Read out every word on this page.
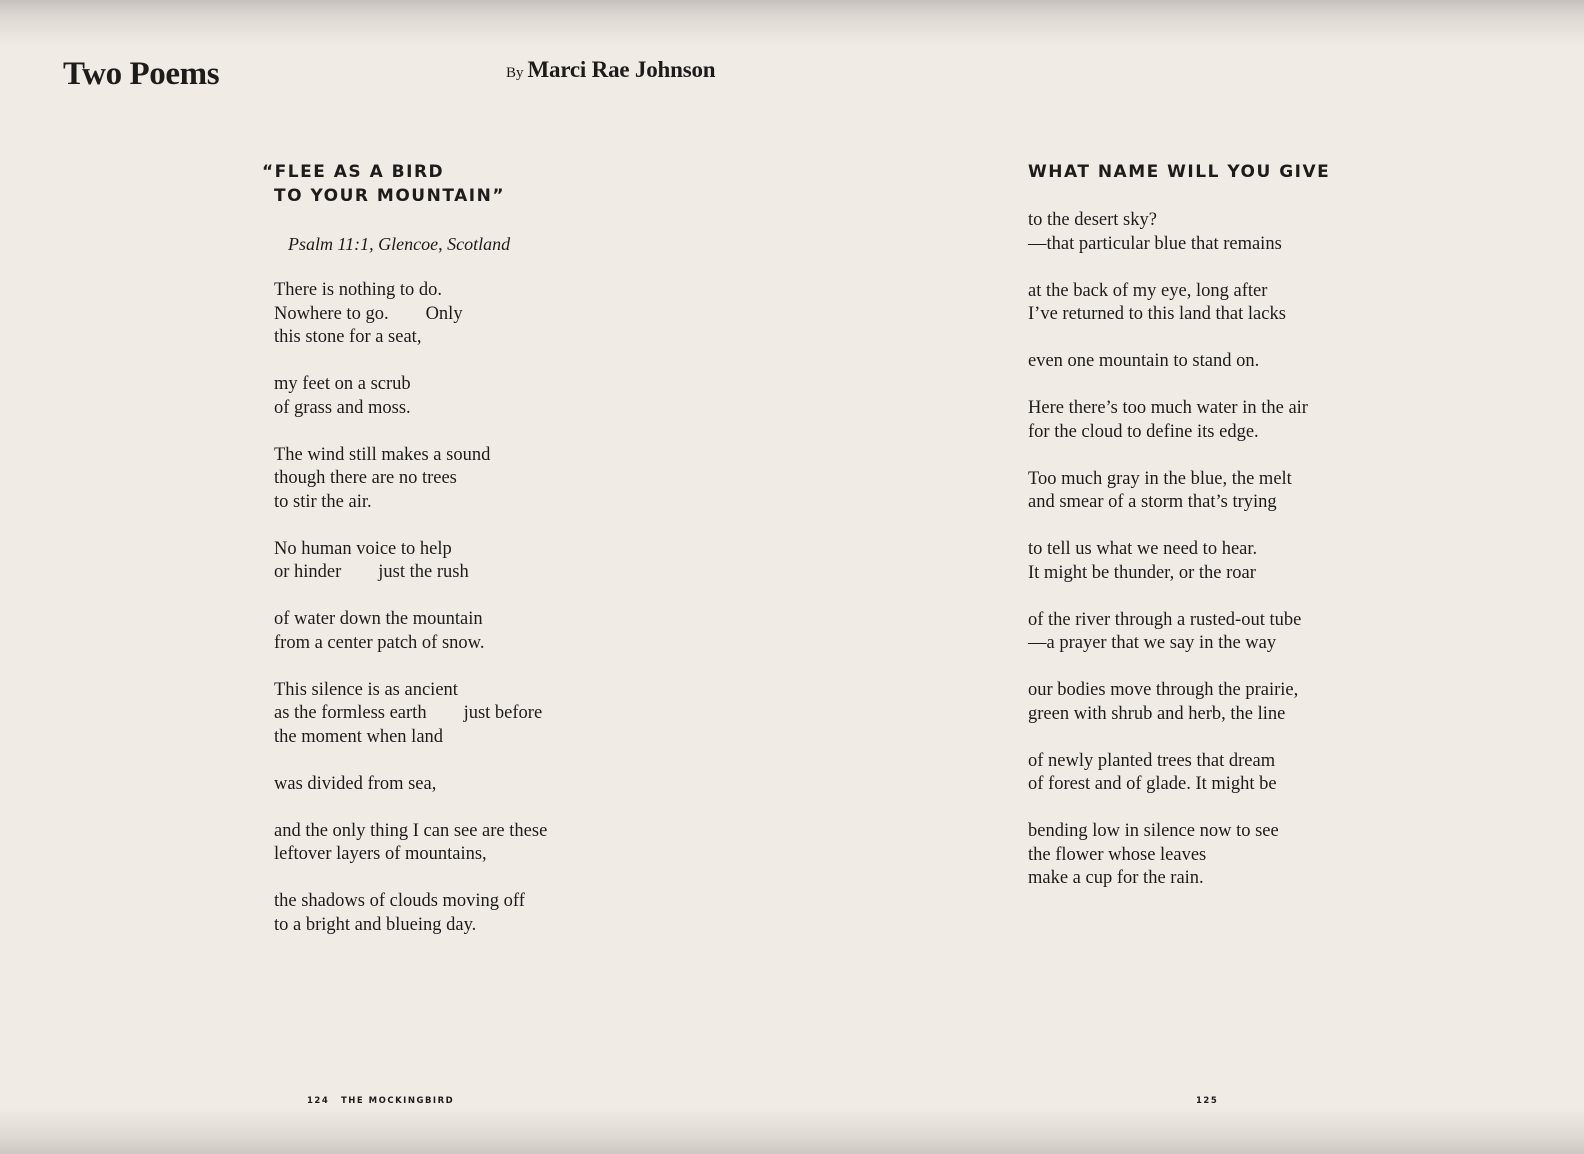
Two Poems	By Marci Rae Johnson
“FLEE AS A BIRD
TO YOUR MOUNTAIN”
Psalm 11:1, Glencoe, Scotland
There is nothing to do.
Nowhere to go.        Only
this stone for a seat,
my feet on a scrub
of grass and moss.
The wind still makes a sound
though there are no trees
to stir the air.
No human voice to help
or hinder        just the rush
of water down the mountain
from a center patch of snow.
This silence is as ancient
as the formless earth        just before
the moment when land
was divided from sea,
and the only thing I can see are these
leftover layers of mountains,
the shadows of clouds moving off
to a bright and blueing day.
WHAT NAME WILL YOU GIVE
to the desert sky?
—that particular blue that remains
at the back of my eye, long after
I’ve returned to this land that lacks
even one mountain to stand on.
Here there’s too much water in the air
for the cloud to define its edge.
Too much gray in the blue, the melt
and smear of a storm that’s trying
to tell us what we need to hear.
It might be thunder, or the roar
of the river through a rusted-out tube
—a prayer that we say in the way
our bodies move through the prairie,
green with shrub and herb, the line
of newly planted trees that dream
of forest and of glade. It might be
bending low in silence now to see
the flower whose leaves
make a cup for the rain.
124 THE MOCKINGBIRD	125
